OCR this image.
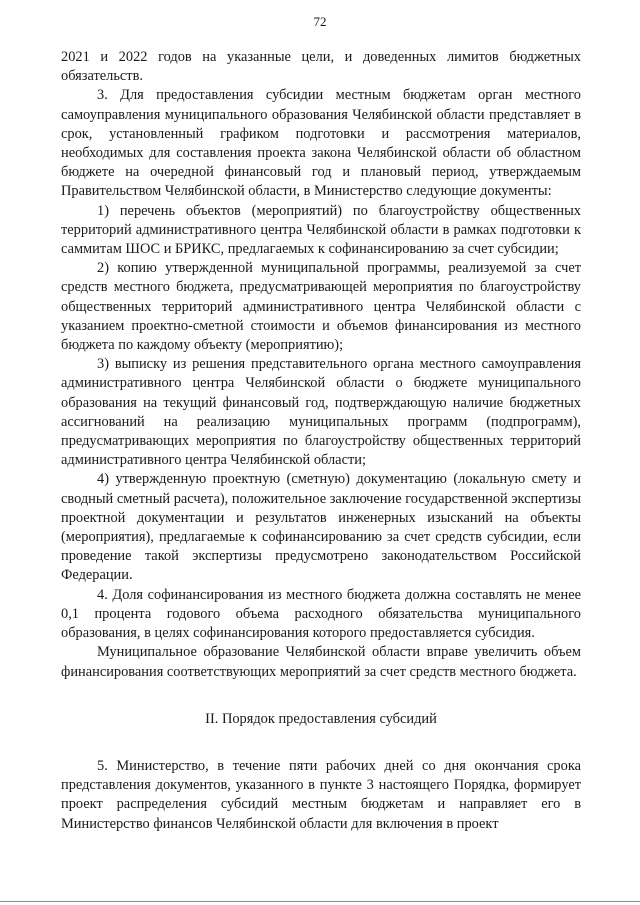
72

2021 и 2022 годов на указанные цели, и доведенных лимитов бюджетных обязательств.

3. Для предоставления субсидии местным бюджетам орган местного самоуправления муниципального образования Челябинской области представляет в срок, установленный графиком подготовки и рассмотрения материалов, необходимых для составления проекта закона Челябинской области об областном бюджете на очередной финансовый год и плановый период, утверждаемым Правительством Челябинской области, в Министерство следующие документы:

1) перечень объектов (мероприятий) по благоустройству общественных территорий административного центра Челябинской области в рамках подготовки к саммитам ШОС и БРИКС, предлагаемых к софинансированию за счет субсидии;

2) копию утвержденной муниципальной программы, реализуемой за счет средств местного бюджета, предусматривающей мероприятия по благоустройству общественных территорий административного центра Челябинской области с указанием проектно-сметной стоимости и объемов финансирования из местного бюджета по каждому объекту (мероприятию);

3) выписку из решения представительного органа местного самоуправления административного центра Челябинской области о бюджете муниципального образования на текущий финансовый год, подтверждающую наличие бюджетных ассигнований на реализацию муниципальных программ (подпрограмм), предусматривающих мероприятия по благоустройству общественных территорий административного центра Челябинской области;

4) утвержденную проектную (сметную) документацию (локальную смету и сводный сметный расчета), положительное заключение государственной экспертизы проектной документации и результатов инженерных изысканий на объекты (мероприятия), предлагаемые к софинансированию за счет средств субсидии, если проведение такой экспертизы предусмотрено законодательством Российской Федерации.

4. Доля софинансирования из местного бюджета должна составлять не менее 0,1 процента годового объема расходного обязательства муниципального образования, в целях софинансирования которого предоставляется субсидия.

Муниципальное образование Челябинской области вправе увеличить объем финансирования соответствующих мероприятий за счет средств местного бюджета.

II. Порядок предоставления субсидий

5. Министерство, в течение пяти рабочих дней со дня окончания срока представления документов, указанного в пункте 3 настоящего Порядка, формирует проект распределения субсидий местным бюджетам и направляет его в Министерство финансов Челябинской области для включения в проект
